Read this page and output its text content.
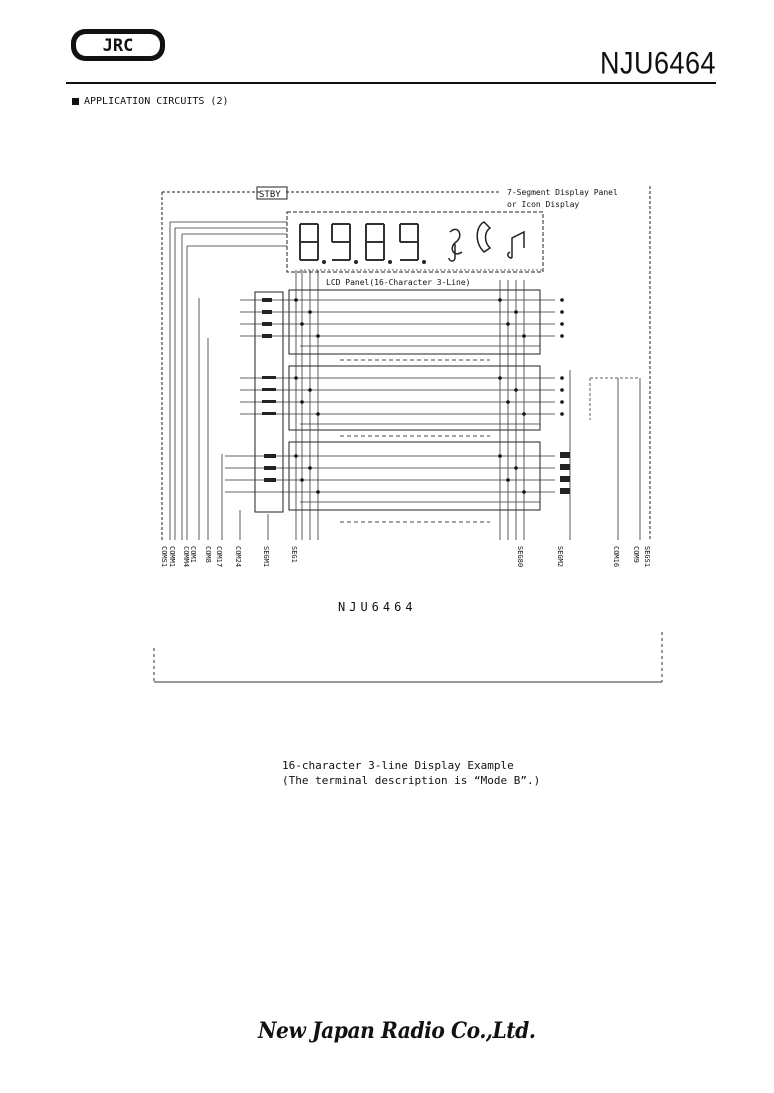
JRC	NJU6464
APPLICATION CIRCUITS (2)
STBY	7-Segment Display Panel
or Icon Display
LCD Panel(16-Character 3-Line)
COMS1 COMM1 COMM4 COM1 COM8 COM17 COM24	SEGM1	SEG1	SEG80	SEGM2	COM16 COM9 SEGS1
NJU6464
16-character 3-line Display Example
(The terminal description is “Mode B”.)
New Japan Radio Co.,Ltd.
